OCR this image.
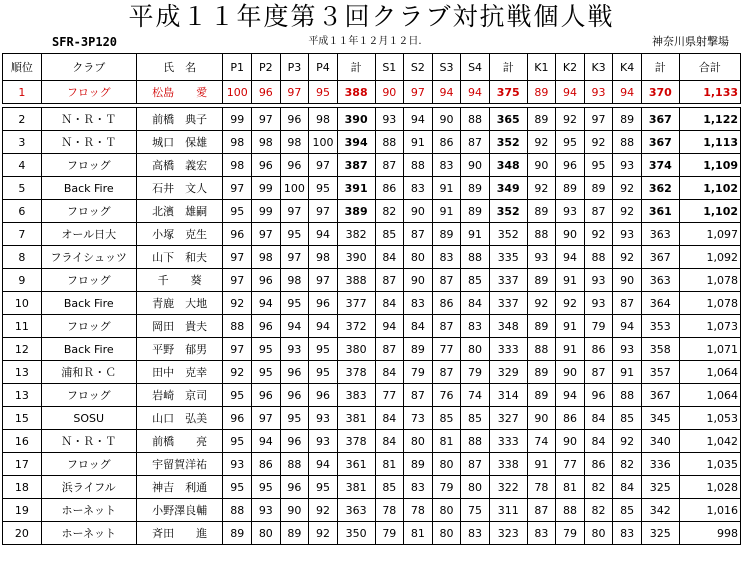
平成１１年度第３回クラブ対抗戦個人戦
SFR-3P120	平成１１年１２月１２日.	神奈川県射撃場
順位	クラブ	氏　名	P1	P2	P3	P4	計	S1	S2	S3	S4	計	K1	K2	K3	K4	計	合計
1	フロッグ	松島　　愛	100	96	97	95	388	90	97	94	94	375	89	94	93	94	370	1,133

2	Ｎ・Ｒ・Ｔ	前橋　典子	99	97	96	98	390	93	94	90	88	365	89	92	97	89	367	1,122
3	Ｎ・Ｒ・Ｔ	城口　保雄	98	98	98	100	394	88	91	86	87	352	92	95	92	88	367	1,113
4	フロッグ	高橋　義宏	98	96	96	97	387	87	88	83	90	348	90	96	95	93	374	1,109
5	Back Fire	石井　文人	97	99	100	95	391	86	83	91	89	349	92	89	89	92	362	1,102
6	フロッグ	北濱　雄嗣	95	99	97	97	389	82	90	91	89	352	89	93	87	92	361	1,102
7	オール日大	小塚　克生	96	97	95	94	382	85	87	89	91	352	88	90	92	93	363	1,097
8	フライシュッツ	山下　和夫	97	98	97	98	390	84	80	83	88	335	93	94	88	92	367	1,092
9	フロッグ	千　　葵	97	96	98	97	388	87	90	87	85	337	89	91	93	90	363	1,078
10	Back Fire	青鹿　大地	92	94	95	96	377	84	83	86	84	337	92	92	93	87	364	1,078
11	フロッグ	岡田　貴夫	88	96	94	94	372	94	84	87	83	348	89	91	79	94	353	1,073
12	Back Fire	平野　郁男	97	95	93	95	380	87	89	77	80	333	88	91	86	93	358	1,071
13	浦和Ｒ・Ｃ	田中　克幸	92	95	96	95	378	84	79	87	79	329	89	90	87	91	357	1,064
13	フロッグ	岩崎　京司	95	96	96	96	383	77	87	76	74	314	89	94	96	88	367	1,064
15	SOSU	山口　弘美	96	97	95	93	381	84	73	85	85	327	90	86	84	85	345	1,053
16	Ｎ・Ｒ・Ｔ	前橋　　亮	95	94	96	93	378	84	80	81	88	333	74	90	84	92	340	1,042
17	フロッグ	宇留賀洋祐	93	86	88	94	361	81	89	80	87	338	91	77	86	82	336	1,035
18	浜ライフル	神吉　利通	95	95	96	95	381	85	83	79	80	322	78	81	82	84	325	1,028
19	ホーネット	小野澤良輔	88	93	90	92	363	78	78	80	75	311	87	88	82	85	342	1,016
20	ホーネット	斉田　　進	89	80	89	92	350	79	81	80	83	323	83	79	80	83	325	998
